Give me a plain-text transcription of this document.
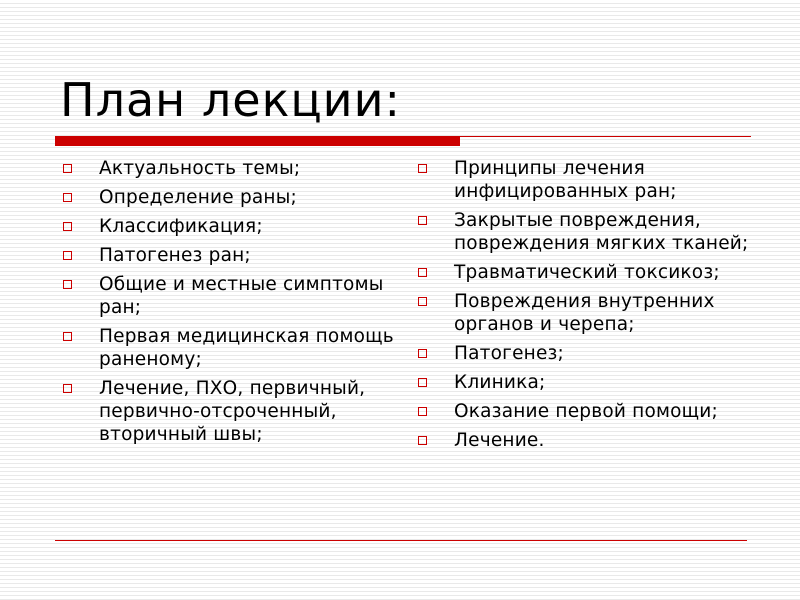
План лекции:
Актуальность темы;
Определение раны;
Классификация;
Патогенез ран;
Общие и местные симптомы ран;
Первая медицинская помощь раненому;
Лечение, ПХО, первичный, первично-отсроченный, вторичный швы;
Принципы лечения инфицированных ран;
Закрытые повреждения, повреждения мягких тканей;
Травматический токсикоз;
Повреждения внутренних органов и черепа;
Патогенез;
Клиника;
Оказание первой помощи;
Лечение.
